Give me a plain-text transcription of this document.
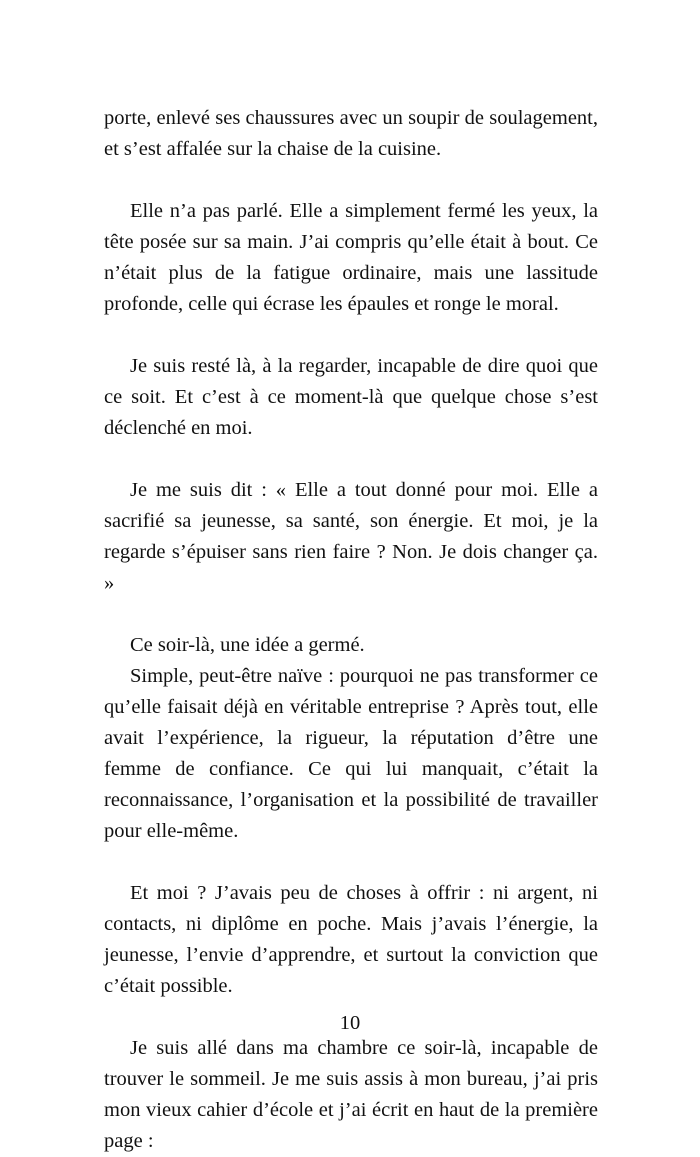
porte, enlevé ses chaussures avec un soupir de soulagement, et s’est affalée sur la chaise de la cuisine.

Elle n’a pas parlé. Elle a simplement fermé les yeux, la tête posée sur sa main. J’ai compris qu’elle était à bout. Ce n’était plus de la fatigue ordinaire, mais une lassitude profonde, celle qui écrase les épaules et ronge le moral.

Je suis resté là, à la regarder, incapable de dire quoi que ce soit. Et c’est à ce moment-là que quelque chose s’est déclenché en moi.

Je me suis dit : « Elle a tout donné pour moi. Elle a sacrifié sa jeunesse, sa santé, son énergie. Et moi, je la regarde s’épuiser sans rien faire ? Non. Je dois changer ça. »

Ce soir-là, une idée a germé.

Simple, peut-être naïve : pourquoi ne pas transformer ce qu’elle faisait déjà en véritable entreprise ? Après tout, elle avait l’expérience, la rigueur, la réputation d’être une femme de confiance. Ce qui lui manquait, c’était la reconnaissance, l’organisation et la possibilité de travailler pour elle-même.

Et moi ? J’avais peu de choses à offrir : ni argent, ni contacts, ni diplôme en poche. Mais j’avais l’énergie, la jeunesse, l’envie d’apprendre, et surtout la conviction que c’était possible.

Je suis allé dans ma chambre ce soir-là, incapable de trouver le sommeil. Je me suis assis à mon bureau, j’ai pris mon vieux cahier d’école et j’ai écrit en haut de la première page :

10
